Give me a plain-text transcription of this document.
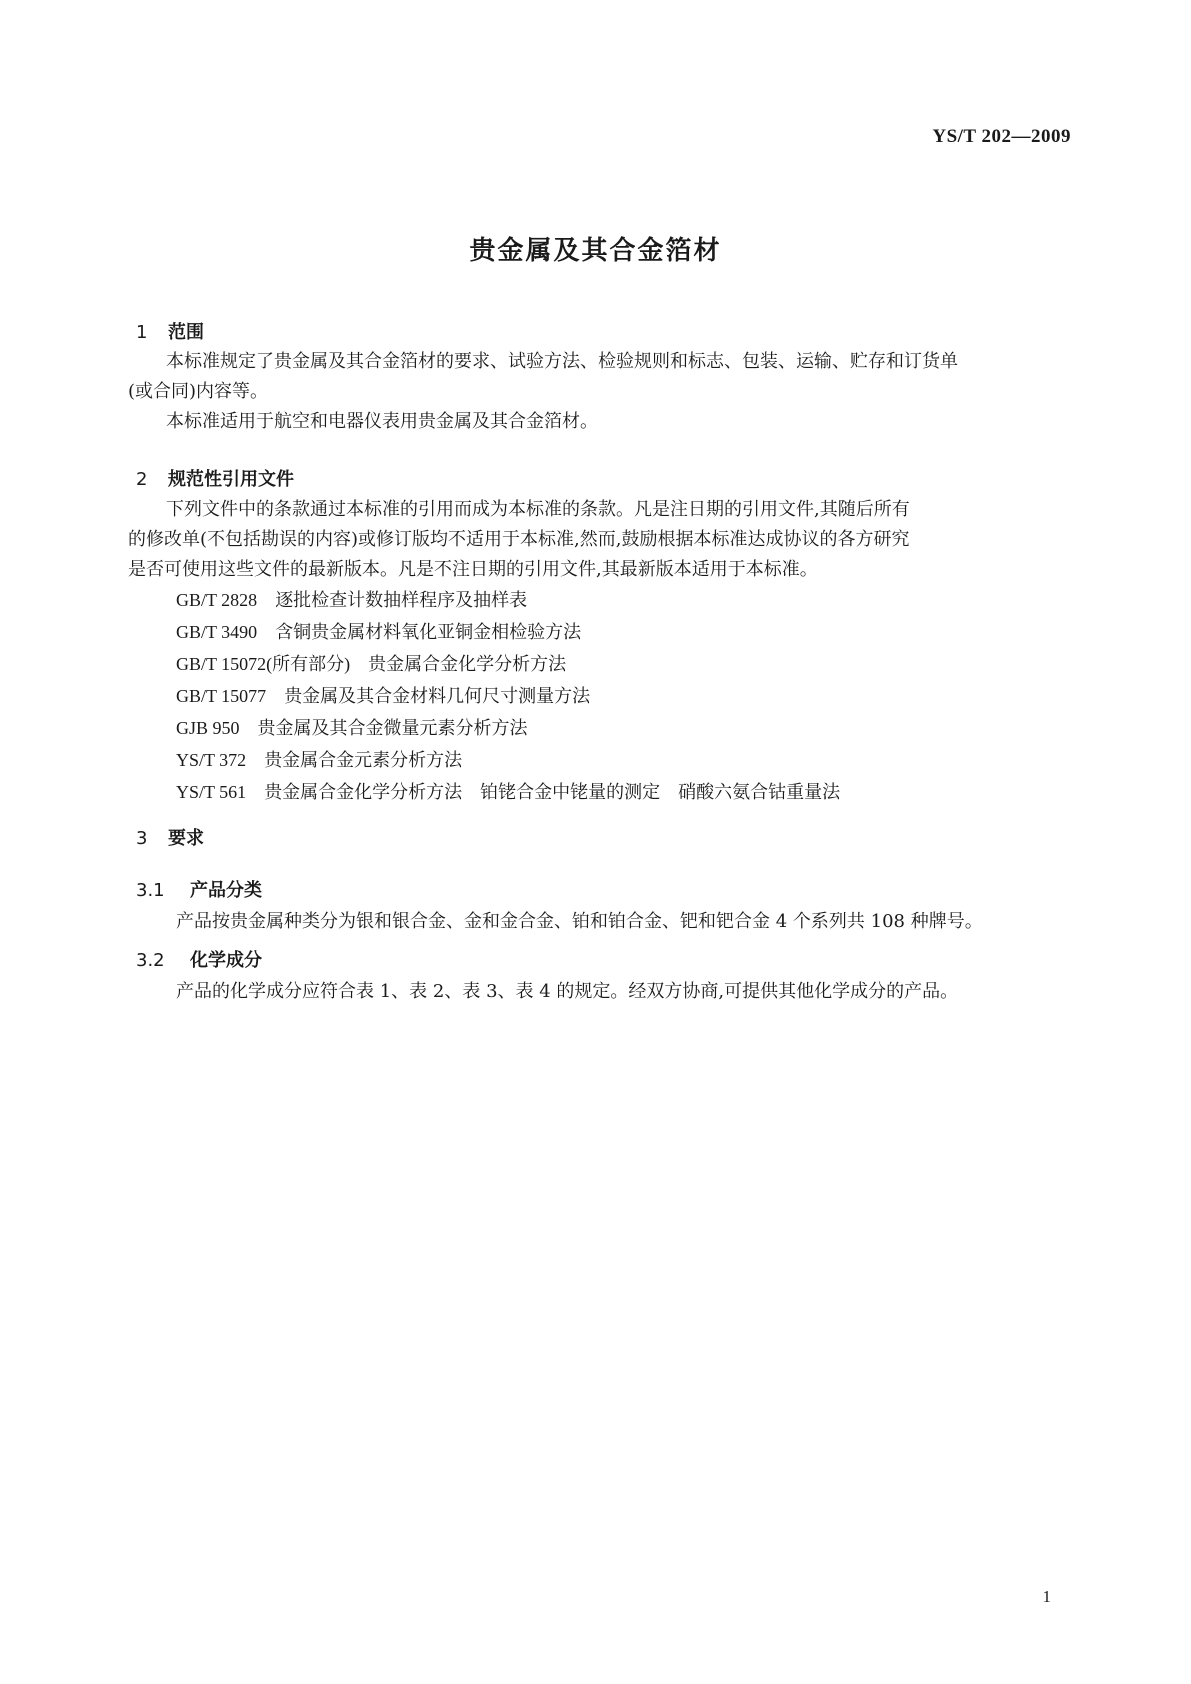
YS/T 202—2009
贵金属及其合金箔材
1 范围
本标准规定了贵金属及其合金箔材的要求、试验方法、检验规则和标志、包装、运输、贮存和订货单
(或合同)内容等。
本标准适用于航空和电器仪表用贵金属及其合金箔材。
2 规范性引用文件
下列文件中的条款通过本标准的引用而成为本标准的条款。凡是注日期的引用文件,其随后所有
的修改单(不包括勘误的内容)或修订版均不适用于本标准,然而,鼓励根据本标准达成协议的各方研究
是否可使用这些文件的最新版本。凡是不注日期的引用文件,其最新版本适用于本标准。
GB/T 2828 逐批检查计数抽样程序及抽样表
GB/T 3490 含铜贵金属材料氧化亚铜金相检验方法
GB/T 15072(所有部分) 贵金属合金化学分析方法
GB/T 15077 贵金属及其合金材料几何尺寸测量方法
GJB 950 贵金属及其合金微量元素分析方法
YS/T 372 贵金属合金元素分析方法
YS/T 561 贵金属合金化学分析方法　铂铑合金中铑量的测定　硝酸六氨合钴重量法
3 要求
3.1 产品分类
产品按贵金属种类分为银和银合金、金和金合金、铂和铂合金、钯和钯合金 4 个系列共 108 种牌号。
3.2 化学成分
产品的化学成分应符合表 1、表 2、表 3、表 4 的规定。经双方协商,可提供其他化学成分的产品。
1
